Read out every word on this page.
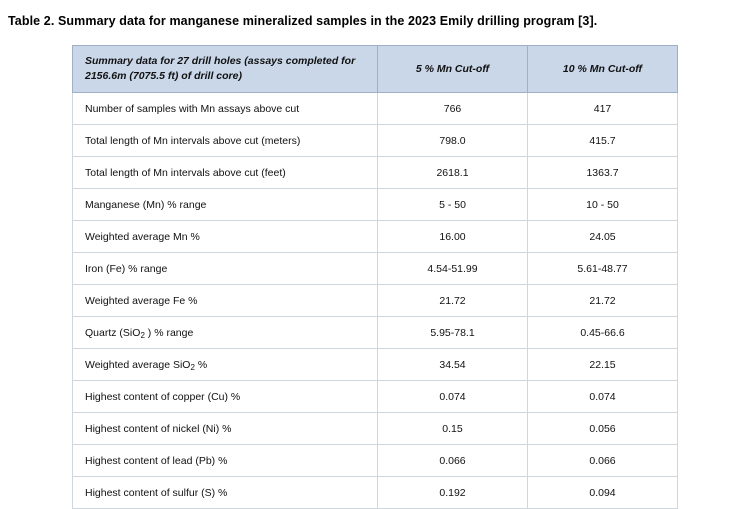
Table 2. Summary data for manganese mineralized samples in the 2023 Emily drilling program [3].
Summary data for 27 drill holes (assays completed for 2156.6m (7075.5 ft) of drill core)	5 % Mn Cut-off	10 % Mn Cut-off
Number of samples with Mn assays above cut	766	417
Total length of Mn intervals above cut (meters)	798.0	415.7
Total length of Mn intervals above cut (feet)	2618.1	1363.7
Manganese (Mn) % range	5 - 50	10 - 50
Weighted average Mn %	16.00	24.05
Iron (Fe) % range	4.54-51.99	5.61-48.77
Weighted average Fe %	21.72	21.72
Quartz (SiO$_2$ ) % range	5.95-78.1	0.45-66.6
Weighted average SiO$_2$ %	34.54	22.15
Highest content of copper (Cu) %	0.074	0.074
Highest content of nickel (Ni) %	0.15	0.056
Highest content of lead (Pb) %	0.066	0.066
Highest content of sulfur (S) %	0.192	0.094
